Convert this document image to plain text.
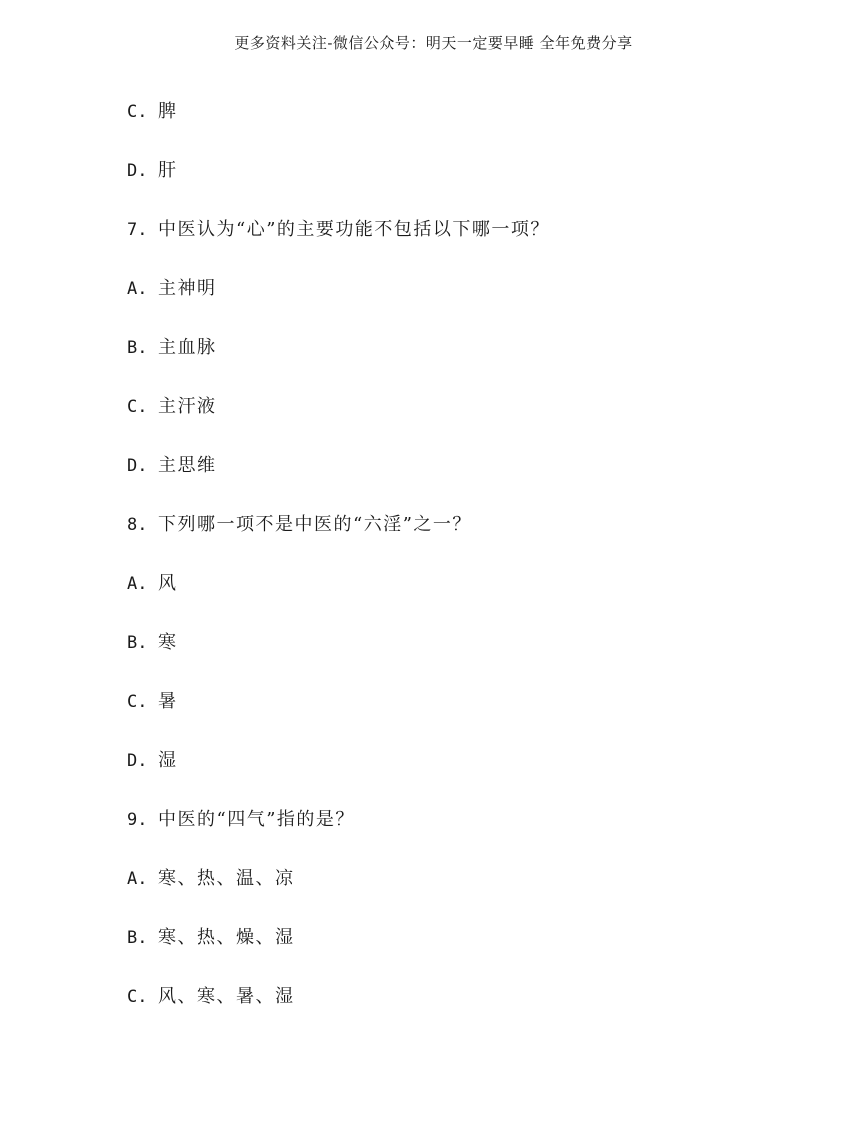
更多资料关注-微信公众号：明天一定要早睡 全年免费分享
C. 脾
D. 肝
7. 中医认为“心”的主要功能不包括以下哪一项？
A. 主神明
B. 主血脉
C. 主汗液
D. 主思维
8. 下列哪一项不是中医的“六淫”之一？
A. 风
B. 寒
C. 暑
D. 湿
9. 中医的“四气”指的是？
A. 寒、热、温、凉
B. 寒、热、燥、湿
C. 风、寒、暑、湿
